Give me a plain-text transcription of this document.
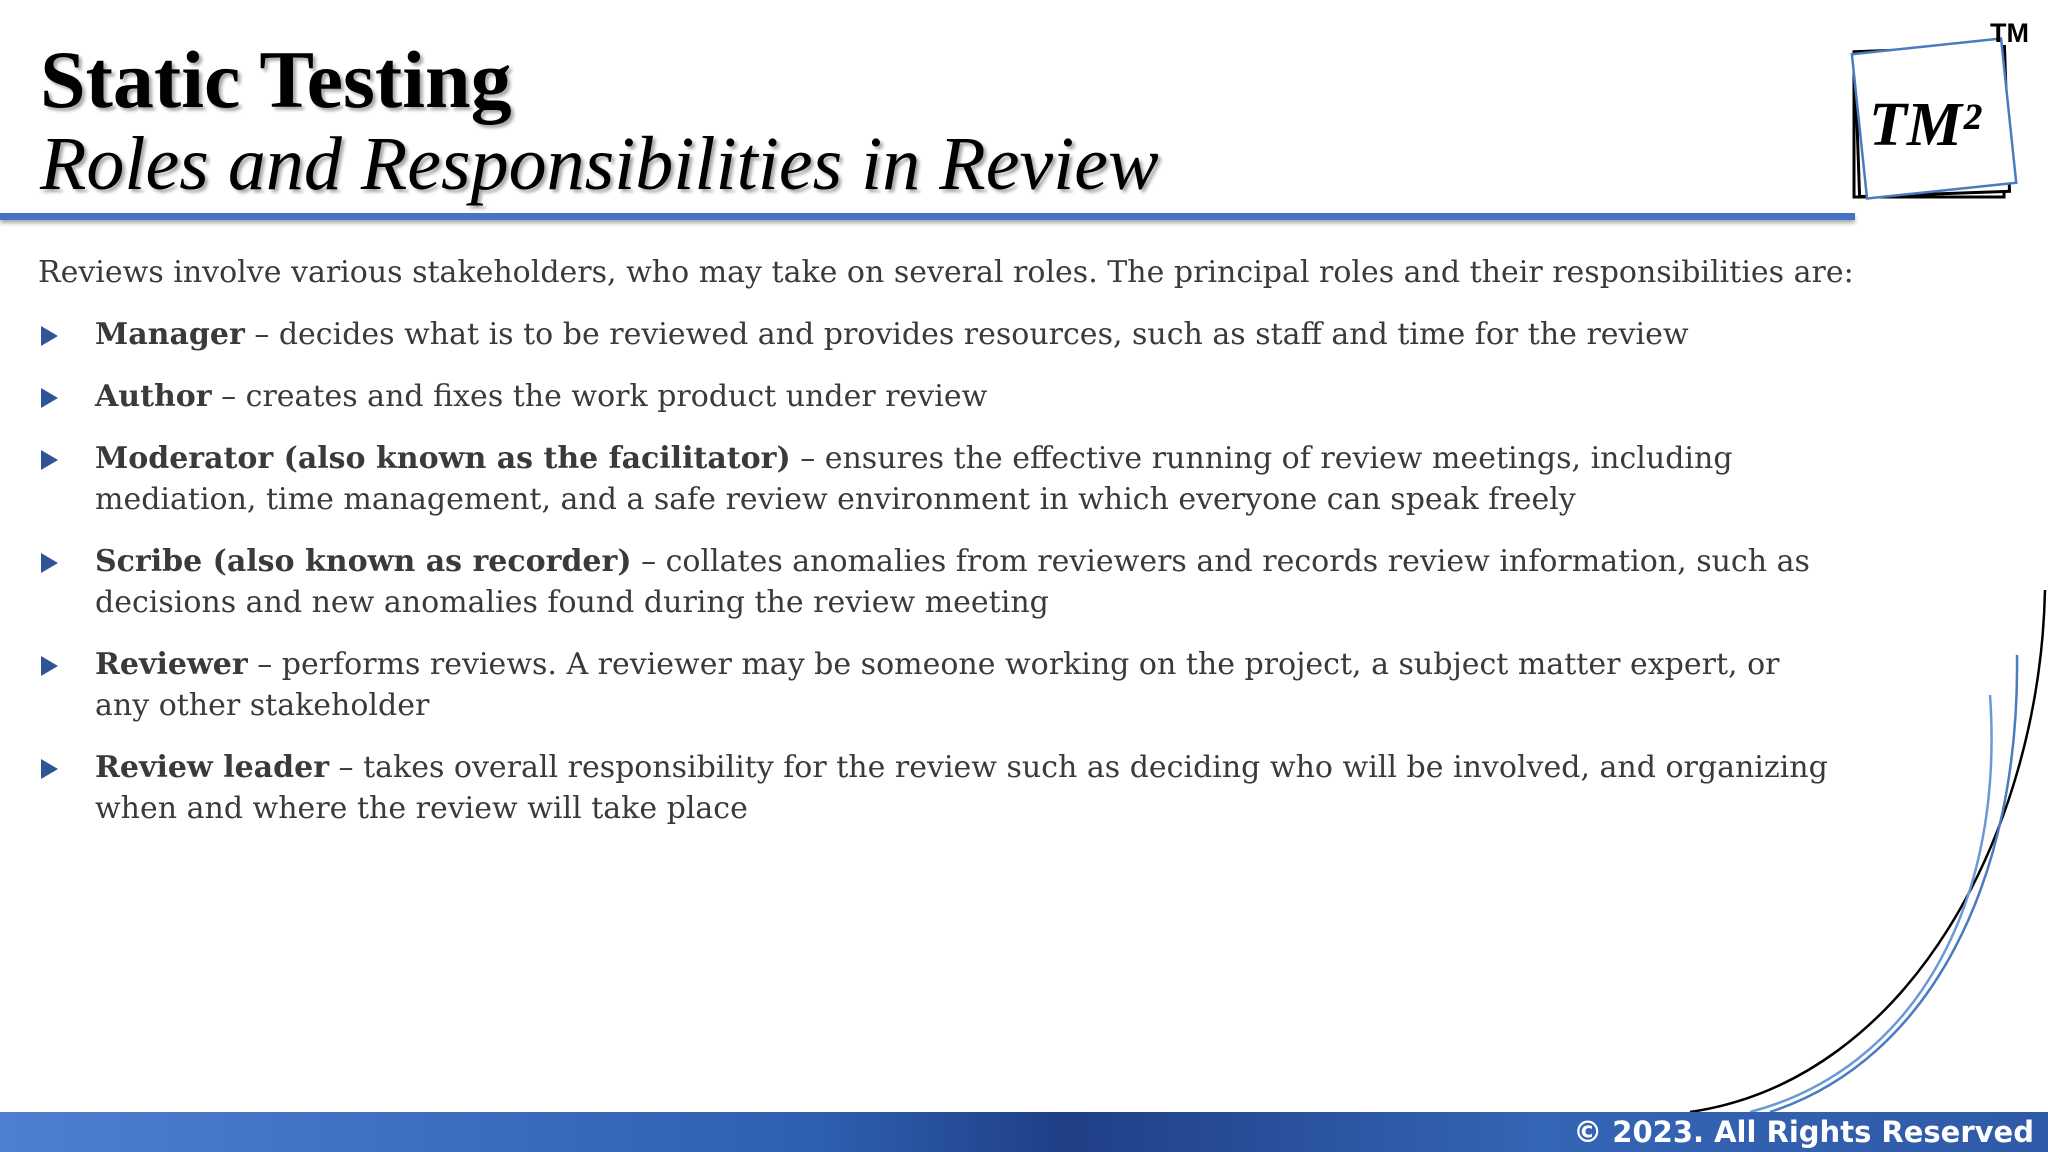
Static Testing
Roles and Responsibilities in Review	TM²
TM

Reviews involve various stakeholders, who may take on several roles. The principal roles and their responsibilities are:

Manager – decides what is to be reviewed and provides resources, such as staff and time for the review
Author – creates and fixes the work product under review
Moderator (also known as the facilitator) – ensures the effective running of review meetings, including mediation, time management, and a safe review environment in which everyone can speak freely
Scribe (also known as recorder) – collates anomalies from reviewers and records review information, such as decisions and new anomalies found during the review meeting
Reviewer – performs reviews. A reviewer may be someone working on the project, a subject matter expert, or any other stakeholder
Review leader – takes overall responsibility for the review such as deciding who will be involved, and organizing when and where the review will take place
© 2023. All Rights Reserved
